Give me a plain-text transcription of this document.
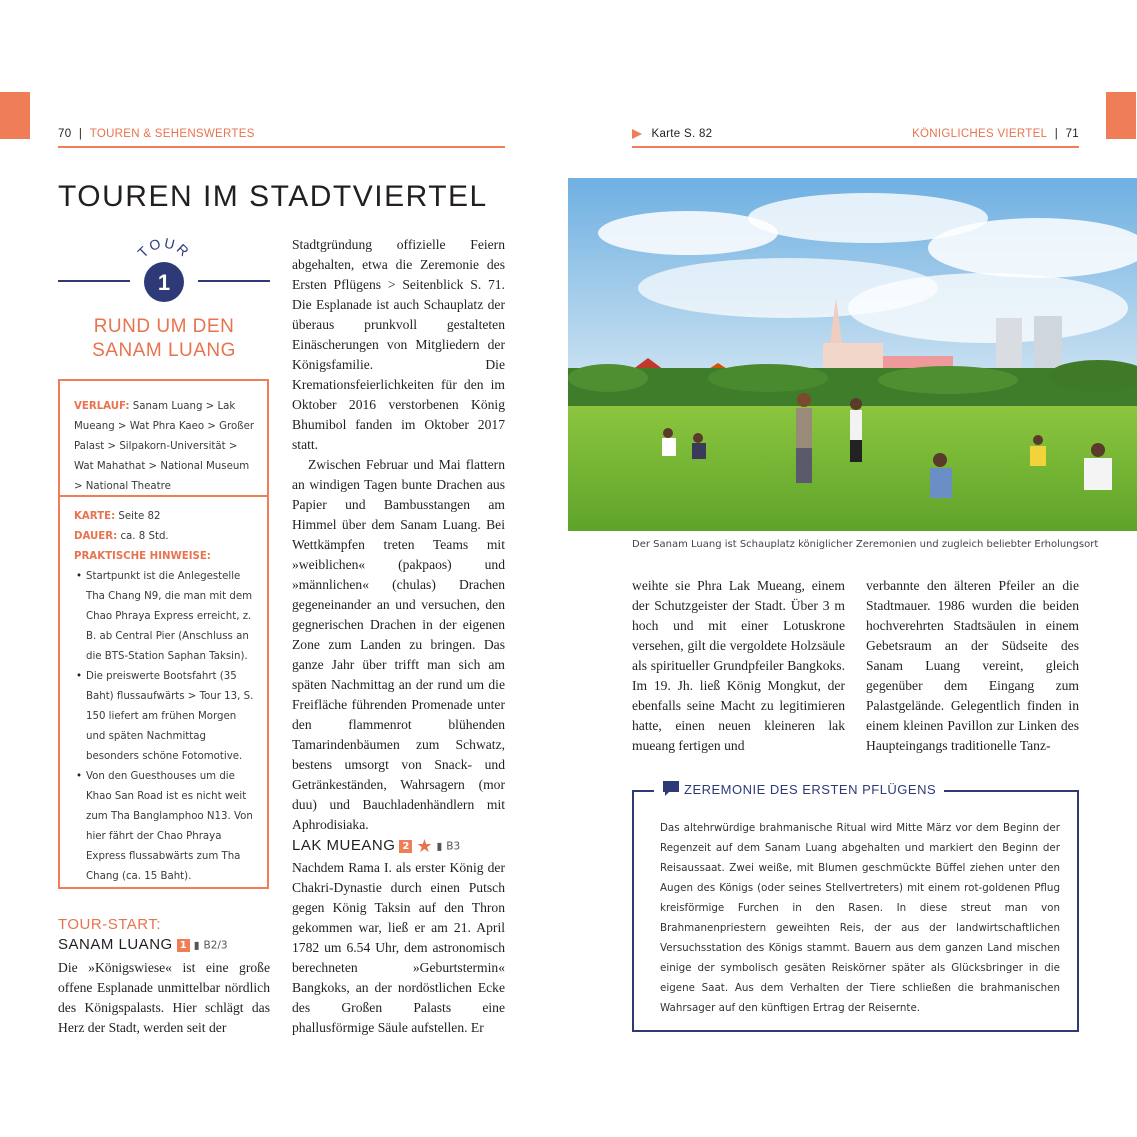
70 | TOUREN & SEHENSWERTES
TOUREN IM STADTVIERTEL
TOUR
1
RUND UM DEN
SANAM LUANG
VERLAUF: Sanam Luang > Lak Mueang > Wat Phra Kaeo > Großer Palast > Silpakorn-Universität > Wat Mahathat > National Museum > National Theatre
KARTE: Seite 82
DAUER: ca. 8 Std.
PRAKTISCHE HINWEISE:
• Startpunkt ist die Anlegestelle Tha Chang N9, die man mit dem Chao Phraya Express erreicht, z. B. ab Central Pier (Anschluss an die BTS-Station Saphan Taksin).
• Die preiswerte Bootsfahrt (35 Baht) flussaufwärts > Tour 13, S. 150 liefert am frühen Morgen und späten Nachmittag besonders schöne Fotomotive.
• Von den Guesthouses um die Khao San Road ist es nicht weit zum Tha Banglamphoo N13. Von hier fährt der Chao Phraya Express flussabwärts zum Tha Chang (ca. 15 Baht).
TOUR-START:
SANAM LUANG 1 ▮ B2/3

Die »Königswiese« ist eine große offene Esplanade unmittelbar nördlich des Königspalasts. Hier schlägt das Herz der Stadt, werden seit der

Stadtgründung offizielle Feiern abgehalten, etwa die Zeremonie des Ersten Pflügens > Seitenblick S. 71. Die Esplanade ist auch Schauplatz der überaus prunkvoll gestalteten Einäscherungen von Mitgliedern der Königsfamilie. Die Kremationsfeierlichkeiten für den im Oktober 2016 verstorbenen König Bhumibol fanden im Oktober 2017 statt.

Zwischen Februar und Mai flattern an windigen Tagen bunte Drachen aus Papier und Bambusstangen am Himmel über dem Sanam Luang. Bei Wettkämpfen treten Teams mit »weiblichen« (pakpaos) und »männlichen« (chulas) Drachen gegeneinander an und versuchen, den gegnerischen Drachen in der eigenen Zone zum Landen zu bringen. Das ganze Jahr über trifft man sich am späten Nachmittag an der rund um die Freifläche führenden Promenade unter den flammenrot blühenden Tamarindenbäumen zum Schwatz, bestens umsorgt von Snack- und Getränkeständen, Wahrsagern (mor duu) und Bauchladenhändlern mit Aphrodisiaka.

LAK MUEANG 2 ★ ▮ B3

Nachdem Rama I. als erster König der Chakri-Dynastie durch einen Putsch gegen König Taksin auf den Thron gekommen war, ließ er am 21. April 1782 um 6.54 Uhr, dem astronomisch berechneten »Geburtstermin« Bangkoks, an der nordöstlichen Ecke des Großen Palasts eine phallusförmige Säule aufstellen. Er

Karte S. 82	KÖNIGLICHES VIERTEL | 71
Der Sanam Luang ist Schauplatz königlicher Zeremonien und zugleich beliebter Erholungsort

weihte sie Phra Lak Mueang, einem der Schutzgeister der Stadt. Über 3 m hoch und mit einer Lotuskrone versehen, gilt die vergoldete Holzsäule als spiritueller Grundpfeiler Bangkoks. Im 19. Jh. ließ König Mongkut, der ebenfalls seine Macht zu legitimieren hatte, einen neuen kleineren lak mueang fertigen und

verbannte den älteren Pfeiler an die Stadtmauer. 1986 wurden die beiden hochverehrten Stadtsäulen in einem Gebetsraum an der Südseite des Sanam Luang vereint, gleich gegenüber dem Eingang zum Palastgelände. Gelegentlich finden in einem kleinen Pavillon zur Linken des Haupteingangs traditionelle Tanz-

ZEREMONIE DES ERSTEN PFLÜGENS
Das altehrwürdige brahmanische Ritual wird Mitte März vor dem Beginn der Regenzeit auf dem Sanam Luang abgehalten und markiert den Beginn der Reisaussaat. Zwei weiße, mit Blumen geschmückte Büffel ziehen unter den Augen des Königs (oder seines Stellvertreters) mit einem rot-goldenen Pflug kreisförmige Furchen in den Rasen. In diese streut man von Brahmanenpriestern geweihten Reis, der aus der landwirtschaftlichen Versuchsstation des Königs stammt. Bauern aus dem ganzen Land mischen einige der symbolisch gesäten Reiskörner später als Glücksbringer in die eigene Saat. Aus dem Verhalten der Tiere schließen die brahmanischen Wahrsager auf den künftigen Ertrag der Reisernte.
